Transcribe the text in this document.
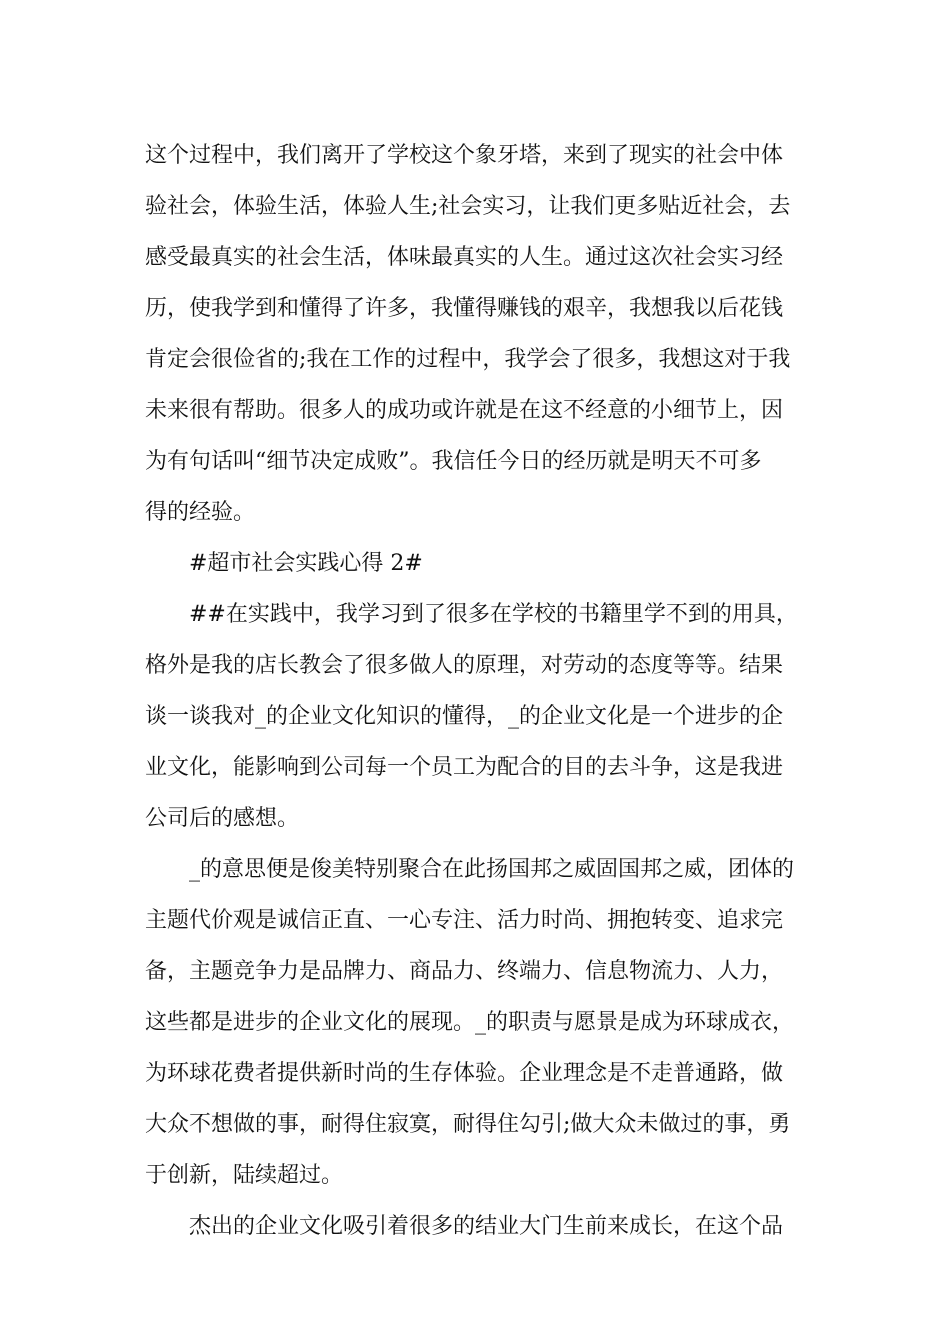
这个过程中，我们离开了学校这个象牙塔，来到了现实的社会中体
验社会，体验生活，体验人生;社会实习，让我们更多贴近社会，去
感受最真实的社会生活，体味最真实的人生。通过这次社会实习经
历，使我学到和懂得了许多，我懂得赚钱的艰辛，我想我以后花钱
肯定会很俭省的;我在工作的过程中，我学会了很多，我想这对于我
未来很有帮助。很多人的成功或许就是在这不经意的小细节上，因
为有句话叫“细节决定成败”。我信任今日的经历就是明天不可多
得的经验。
#超市社会实践心得 2#
##在实践中，我学习到了很多在学校的书籍里学不到的用具，
格外是我的店长教会了很多做人的原理，对劳动的态度等等。结果
谈一谈我对_的企业文化知识的懂得，_的企业文化是一个进步的企
业文化，能影响到公司每一个员工为配合的目的去斗争，这是我进
公司后的感想。
_的意思便是俊美特别聚合在此扬国邦之威固国邦之威，团体的
主题代价观是诚信正直、一心专注、活力时尚、拥抱转变、追求完
备，主题竞争力是品牌力、商品力、终端力、信息物流力、人力，
这些都是进步的企业文化的展现。_的职责与愿景是成为环球成衣，
为环球花费者提供新时尚的生存体验。企业理念是不走普通路，做
大众不想做的事，耐得住寂寞，耐得住勾引;做大众未做过的事，勇
于创新，陆续超过。
杰出的企业文化吸引着很多的结业大门生前来成长，在这个品
